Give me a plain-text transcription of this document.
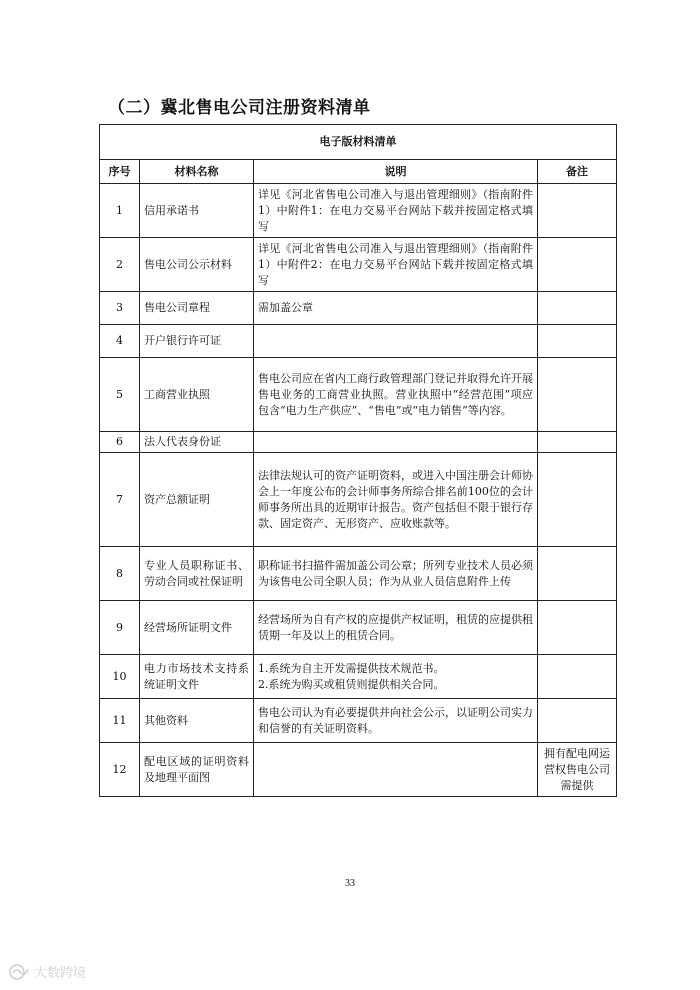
（二）冀北售电公司注册资料清单
电子版材料清单			
序号	材料名称	说明	备注
1	信用承诺书	详见《河北省售电公司准入与退出管理细则》（指南附件1）中附件1：在电力交易平台网站下载并按固定格式填写	
2	售电公司公示材料	详见《河北省售电公司准入与退出管理细则》（指南附件1）中附件2：在电力交易平台网站下载并按固定格式填写	
3	售电公司章程	需加盖公章	
4	开户银行许可证		
5	工商营业执照	售电公司应在省内工商行政管理部门登记并取得允许开展售电业务的工商营业执照。营业执照中“经营范围”项应包含“电力生产供应”、“售电”或“电力销售”等内容。	
6	法人代表身份证		
7	资产总额证明	法律法规认可的资产证明资料，或进入中国注册会计师协会上一年度公布的会计师事务所综合排名前100位的会计师事务所出具的近期审计报告。资产包括但不限于银行存款、固定资产、无形资产、应收账款等。	
8	专业人员职称证书、劳动合同或社保证明	职称证书扫描件需加盖公司公章；所列专业技术人员必须为该售电公司全职人员；作为从业人员信息附件上传	
9	经营场所证明文件	经营场所为自有产权的应提供产权证明，租赁的应提供租赁期一年及以上的租赁合同。	
10	电力市场技术支持系统证明文件	1.系统为自主开发需提供技术规范书。
2.系统为购买或租赁则提供相关合同。	
11	其他资料	售电公司认为有必要提供并向社会公示，以证明公司实力和信誉的有关证明资料。	
12	配电区域的证明资料及地理平面图		拥有配电网运营权售电公司需提供
33
大数跨境
